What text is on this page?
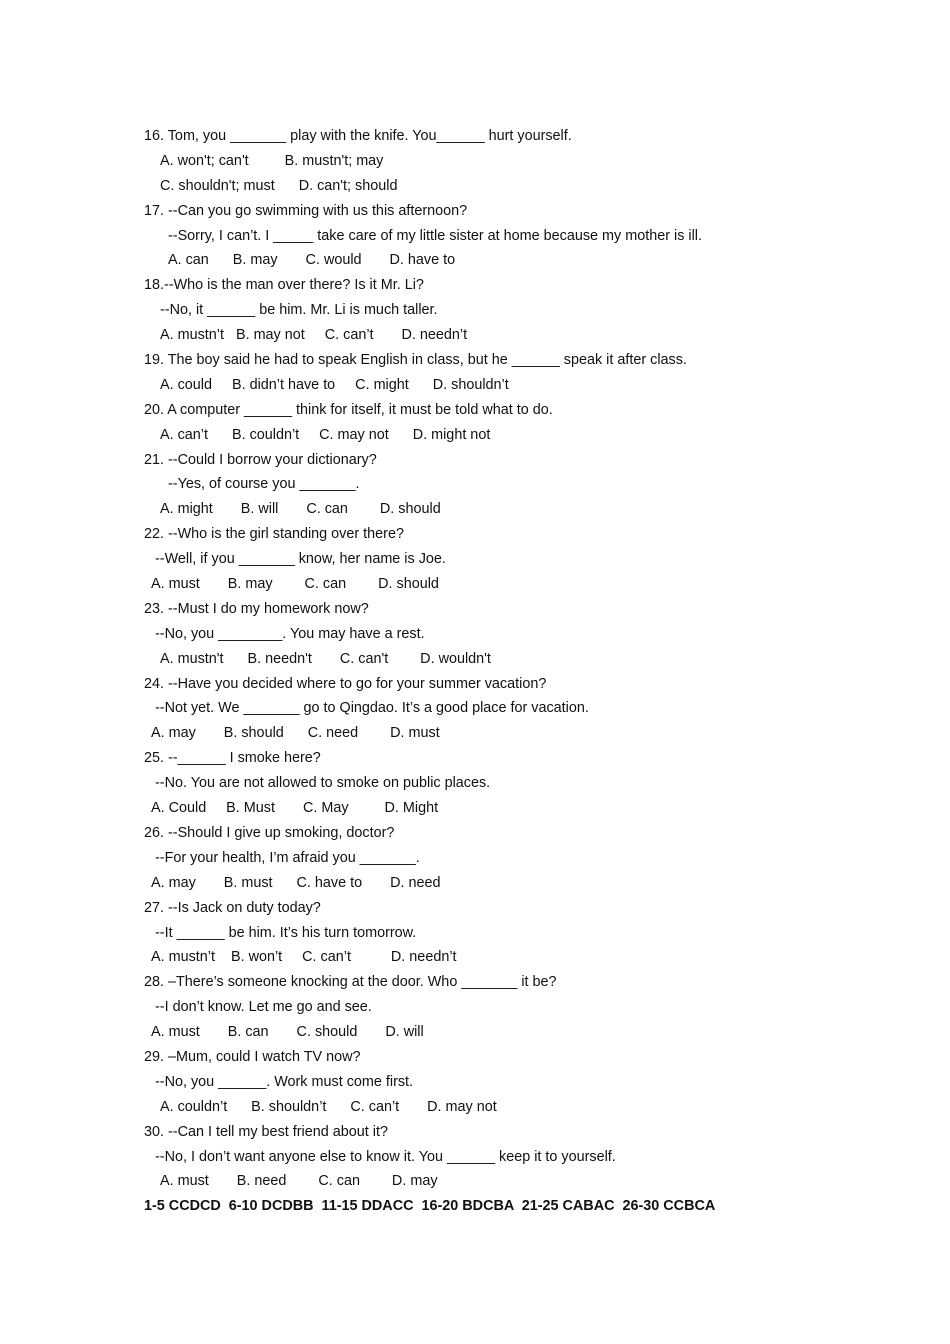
16. Tom, you _______ play with the knife. You______ hurt yourself.
A. won't; can't         B. mustn't; may
C. shouldn't; must      D. can't; should
17. --Can you go swimming with us this afternoon?
--Sorry, I can’t. I _____ take care of my little sister at home because my mother is ill.
A. can      B. may       C. would       D. have to
18.--Who is the man over there? Is it Mr. Li?
--No, it ______ be him. Mr. Li is much taller.
A. mustn’t   B. may not     C. can’t       D. needn’t
19. The boy said he had to speak English in class, but he ______ speak it after class.
A. could     B. didn’t have to     C. might      D. shouldn’t
20. A computer ______ think for itself, it must be told what to do.
A. can’t      B. couldn’t     C. may not      D. might not
21. --Could I borrow your dictionary?
--Yes, of course you _______.
A. might       B. will       C. can        D. should
22. --Who is the girl standing over there?
--Well, if you _______ know, her name is Joe.
A. must       B. may        C. can        D. should
23. --Must I do my homework now?
--No, you ________. You may have a rest.
A. mustn't      B. needn't       C. can't        D. wouldn't
24. --Have you decided where to go for your summer vacation?
--Not yet. We _______ go to Qingdao. It’s a good place for vacation.
A. may       B. should      C. need        D. must
25. --______ I smoke here?
--No. You are not allowed to smoke on public places.
A. Could     B. Must       C. May         D. Might
26. --Should I give up smoking, doctor?
--For your health, I’m afraid you _______.
A. may       B. must      C. have to       D. need
27. --Is Jack on duty today?
--It ______ be him. It’s his turn tomorrow.
A. mustn’t    B. won’t     C. can’t          D. needn’t
28. –There’s someone knocking at the door. Who _______ it be?
--I don’t know. Let me go and see.
A. must       B. can       C. should       D. will
29. –Mum, could I watch TV now?
--No, you ______. Work must come first.
A. couldn’t      B. shouldn’t      C. can’t       D. may not
30. --Can I tell my best friend about it?
--No, I don’t want anyone else to know it. You ______ keep it to yourself.
A. must       B. need        C. can        D. may
1-5 CCDCD  6-10 DCDBB  11-15 DDACC  16-20 BDCBA  21-25 CABAC  26-30 CCBCA
